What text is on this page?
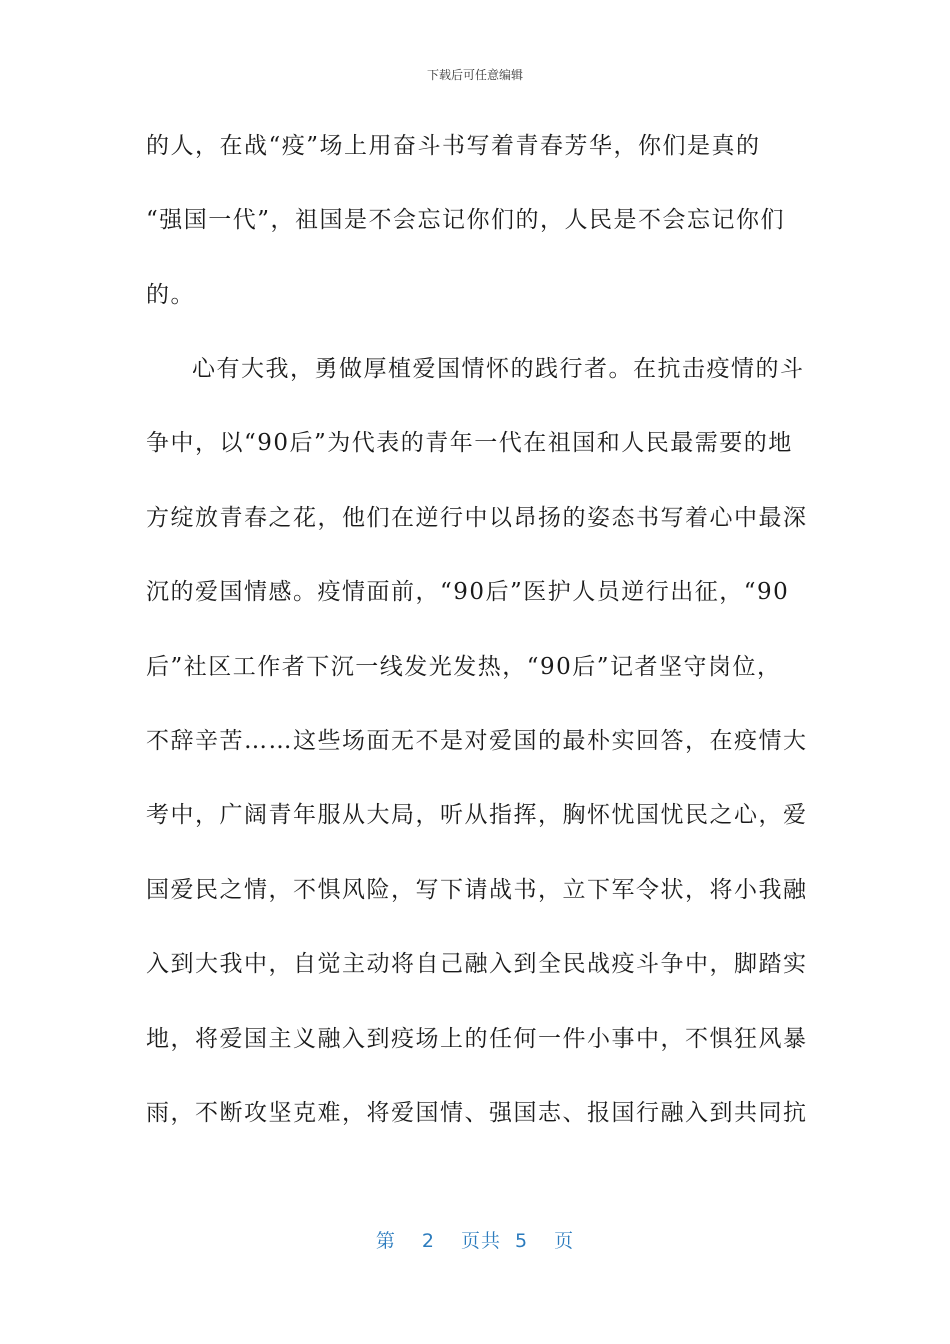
下载后可任意编辑
的人，在战“疫”场上用奋斗书写着青春芳华，你们是真的
“强国一代”，祖国是不会忘记你们的，人民是不会忘记你们
的。
心有大我，勇做厚植爱国情怀的践行者。在抗击疫情的斗
争中，以“90后”为代表的青年一代在祖国和人民最需要的地
方绽放青春之花，他们在逆行中以昂扬的姿态书写着心中最深
沉的爱国情感。疫情面前，“90后”医护人员逆行出征，“90
后”社区工作者下沉一线发光发热，“90后”记者坚守岗位，
不辞辛苦……这些场面无不是对爱国的最朴实回答，在疫情大
考中，广阔青年服从大局，听从指挥，胸怀忧国忧民之心，爱
国爱民之情，不惧风险，写下请战书，立下军令状，将小我融
入到大我中，自觉主动将自己融入到全民战疫斗争中，脚踏实
地，将爱国主义融入到疫场上的任何一件小事中，不惧狂风暴
雨，不断攻坚克难，将爱国情、强国志、报国行融入到共同抗
第 2 页共 5 页
